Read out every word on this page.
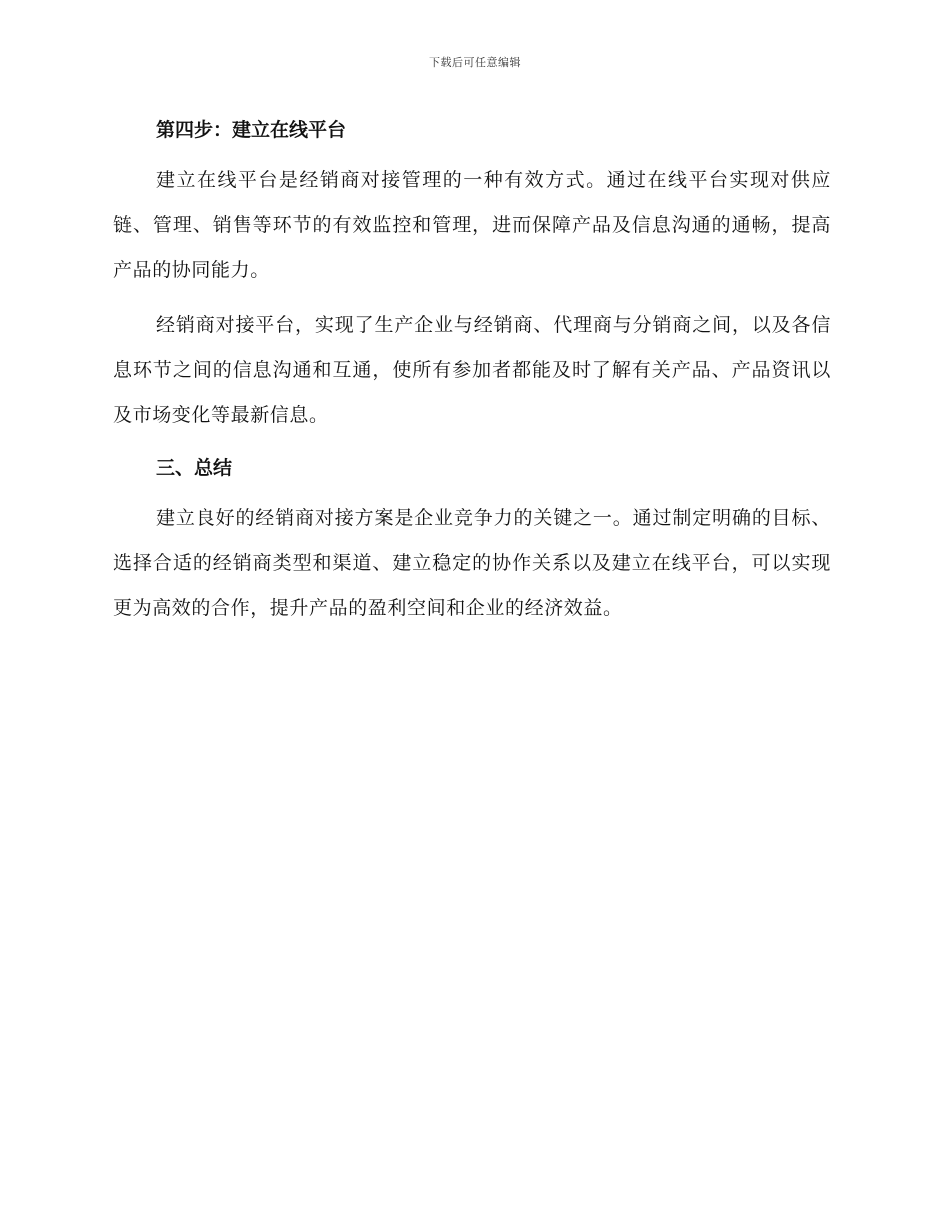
下载后可任意编辑
第四步：建立在线平台

建立在线平台是经销商对接管理的一种有效方式。通过在线平台实现对供应链、管理、销售等环节的有效监控和管理，进而保障产品及信息沟通的通畅，提高产品的协同能力。

经销商对接平台，实现了生产企业与经销商、代理商与分销商之间，以及各信息环节之间的信息沟通和互通，使所有参加者都能及时了解有关产品、产品资讯以及市场变化等最新信息。

三、总结

建立良好的经销商对接方案是企业竞争力的关键之一。通过制定明确的目标、选择合适的经销商类型和渠道、建立稳定的协作关系以及建立在线平台，可以实现更为高效的合作，提升产品的盈利空间和企业的经济效益。
